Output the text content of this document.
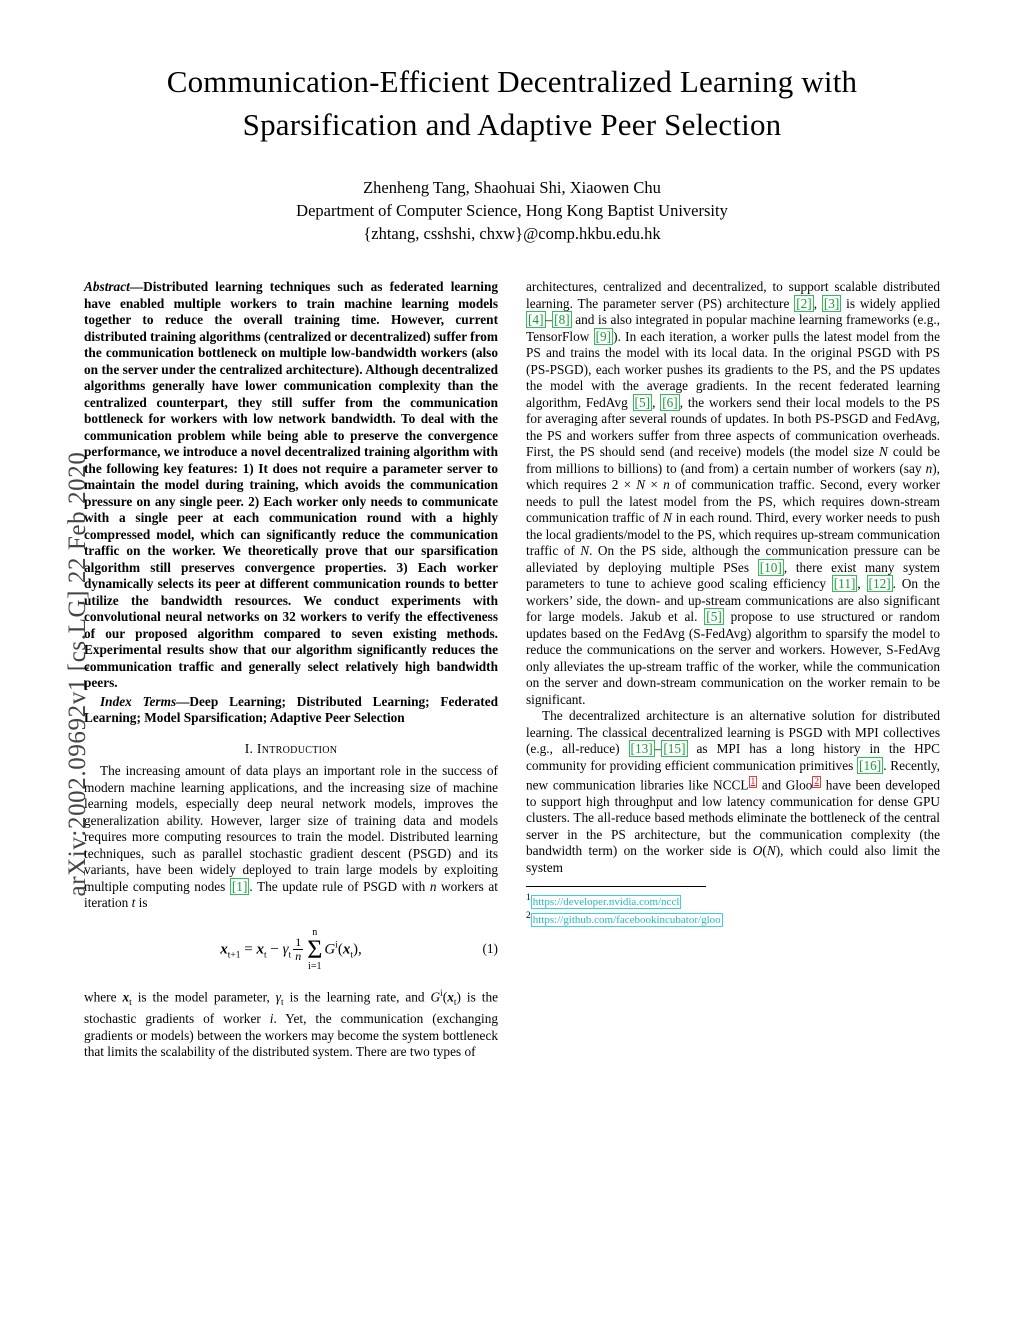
arXiv:2002.09692v1 [cs.LG] 22 Feb 2020
Communication-Efficient Decentralized Learning with Sparsification and Adaptive Peer Selection
Zhenheng Tang, Shaohuai Shi, Xiaowen Chu
Department of Computer Science, Hong Kong Baptist University
{zhtang, csshshi, chxw}@comp.hkbu.edu.hk

Abstract—Distributed learning techniques such as federated learning have enabled multiple workers to train machine learning models together to reduce the overall training time. However, current distributed training algorithms (centralized or decentralized) suffer from the communication bottleneck on multiple low-bandwidth workers (also on the server under the centralized architecture). Although decentralized algorithms generally have lower communication complexity than the centralized counterpart, they still suffer from the communication bottleneck for workers with low network bandwidth. To deal with the communication problem while being able to preserve the convergence performance, we introduce a novel decentralized training algorithm with the following key features: 1) It does not require a parameter server to maintain the model during training, which avoids the communication pressure on any single peer. 2) Each worker only needs to communicate with a single peer at each communication round with a highly compressed model, which can significantly reduce the communication traffic on the worker. We theoretically prove that our sparsification algorithm still preserves convergence properties. 3) Each worker dynamically selects its peer at different communication rounds to better utilize the bandwidth resources. We conduct experiments with convolutional neural networks on 32 workers to verify the effectiveness of our proposed algorithm compared to seven existing methods. Experimental results show that our algorithm significantly reduces the communication traffic and generally select relatively high bandwidth peers.

Index Terms—Deep Learning; Distributed Learning; Federated Learning; Model Sparsification; Adaptive Peer Selection

I. Introduction

The increasing amount of data plays an important role in the success of modern machine learning applications, and the increasing size of machine learning models, especially deep neural network models, improves the generalization ability. However, larger size of training data and models requires more computing resources to train the model. Distributed learning techniques, such as parallel stochastic gradient descent (PSGD) and its variants, have been widely deployed to train large models by exploiting multiple computing nodes [1] . The update rule of PSGD with n workers at iteration t is

$x_{t+1} = x_t - \gamma_t \frac{1}{n}$
n
Σ
i=1
$G^i(x_t)$,	(1)

where $x_t$ is the model parameter, $\gamma_t$ is the learning rate, and $G^i(x_t)$ is the stochastic gradients of worker i. Yet, the communication (exchanging gradients or models) between the workers may become the system bottleneck that limits the scalability of the distributed system. There are two types of

architectures, centralized and decentralized, to support scalable distributed learning. The parameter server (PS) architecture [2] , [3] is widely applied [4] – [8] and is also integrated in popular machine learning frameworks (e.g., TensorFlow [9] ). In each iteration, a worker pulls the latest model from the PS and trains the model with its local data. In the original PSGD with PS (PS-PSGD), each worker pushes its gradients to the PS, and the PS updates the model with the average gradients. In the recent federated learning algorithm, FedAvg [5] , [6] , the workers send their local models to the PS for averaging after several rounds of updates. In both PS-PSGD and FedAvg, the PS and workers suffer from three aspects of communication overheads. First, the PS should send (and receive) models (the model size N could be from millions to billions) to (and from) a certain number of workers (say n), which requires 2 × N × n of communication traffic. Second, every worker needs to pull the latest model from the PS, which requires down-stream communication traffic of N in each round. Third, every worker needs to push the local gradients/model to the PS, which requires up-stream communication traffic of N. On the PS side, although the communication pressure can be alleviated by deploying multiple PSes [10] , there exist many system parameters to tune to achieve good scaling efficiency [11] , [12] . On the workers’ side, the down- and up-stream communications are also significant for large models. Jakub et al. [5] propose to use structured or random updates based on the FedAvg (S-FedAvg) algorithm to sparsify the model to reduce the communications on the server and workers. However, S-FedAvg only alleviates the up-stream traffic of the worker, while the communication on the server and down-stream communication on the worker remain to be significant.

The decentralized architecture is an alternative solution for distributed learning. The classical decentralized learning is PSGD with MPI collectives (e.g., all-reduce) [13] – [15] as MPI has a long history in the HPC community for providing efficient communication primitives [16] . Recently, new communication libraries like NCCL $^1$ and Gloo $^2$ have been developed to support high throughput and low latency communication for dense GPU clusters. The all-reduce based methods eliminate the bottleneck of the central server in the PS architecture, but the communication complexity (the bandwidth term) on the worker side is O(N), which could also limit the system

$^1$ https://developer.nvidia.com/nccl
$^2$ https://github.com/facebookincubator/gloo
